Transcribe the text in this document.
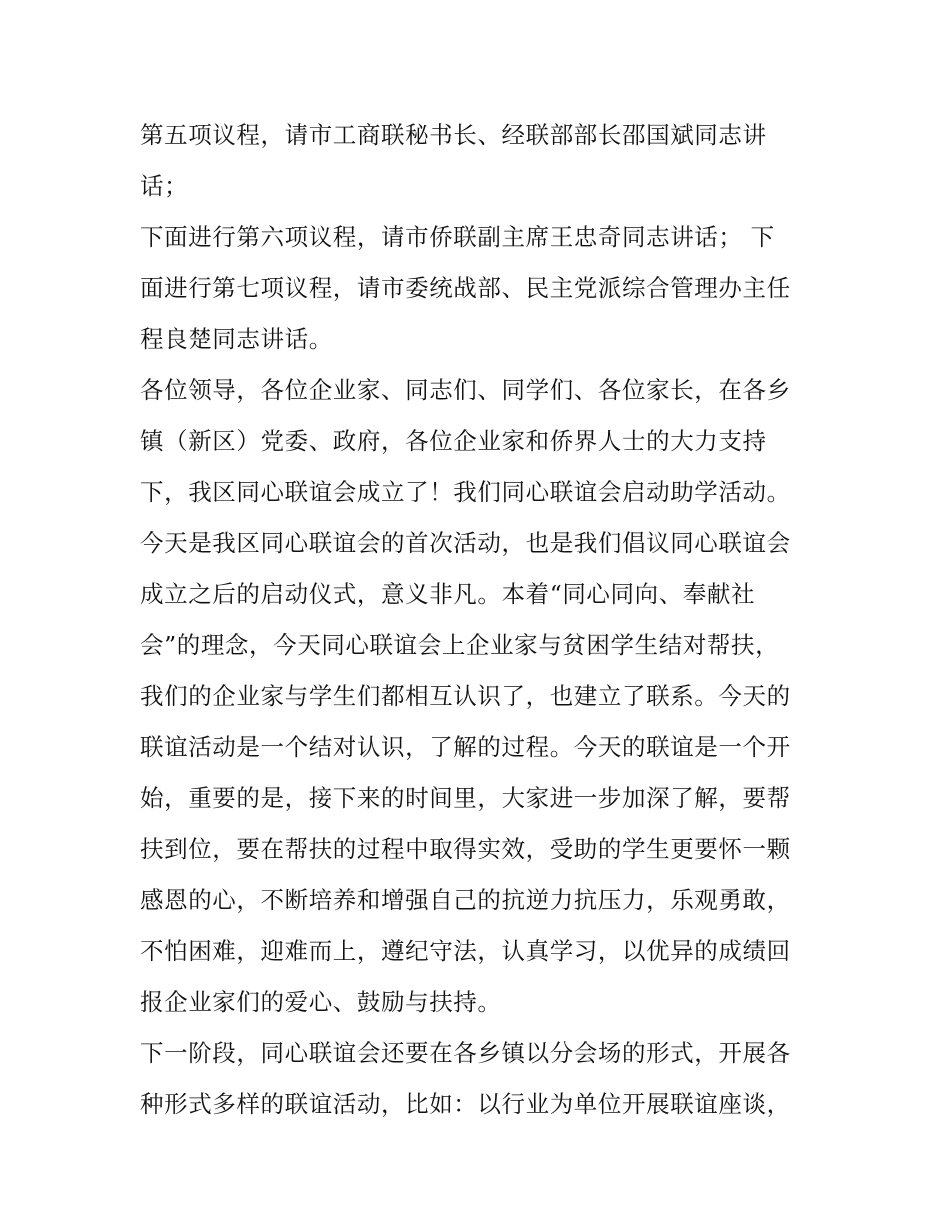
第五项议程，请市工商联秘书长、经联部部长邵国斌同志讲
话；
下面进行第六项议程，请市侨联副主席王忠奇同志讲话； 下
面进行第七项议程，请市委统战部、民主党派综合管理办主任
程良楚同志讲话。
各位领导，各位企业家、同志们、同学们、各位家长，在各乡
镇（新区）党委、政府，各位企业家和侨界人士的大力支持
下，我区同心联谊会成立了！我们同心联谊会启动助学活动。
今天是我区同心联谊会的首次活动，也是我们倡议同心联谊会
成立之后的启动仪式，意义非凡。本着“同心同向、奉献社
会”的理念，今天同心联谊会上企业家与贫困学生结对帮扶，
我们的企业家与学生们都相互认识了，也建立了联系。今天的
联谊活动是一个结对认识，了解的过程。今天的联谊是一个开
始，重要的是，接下来的时间里，大家进一步加深了解，要帮
扶到位，要在帮扶的过程中取得实效，受助的学生更要怀一颗
感恩的心，不断培养和增强自己的抗逆力抗压力，乐观勇敢，
不怕困难，迎难而上，遵纪守法，认真学习，以优异的成绩回
报企业家们的爱心、鼓励与扶持。
下一阶段，同心联谊会还要在各乡镇以分会场的形式，开展各
种形式多样的联谊活动，比如：以行业为单位开展联谊座谈，
